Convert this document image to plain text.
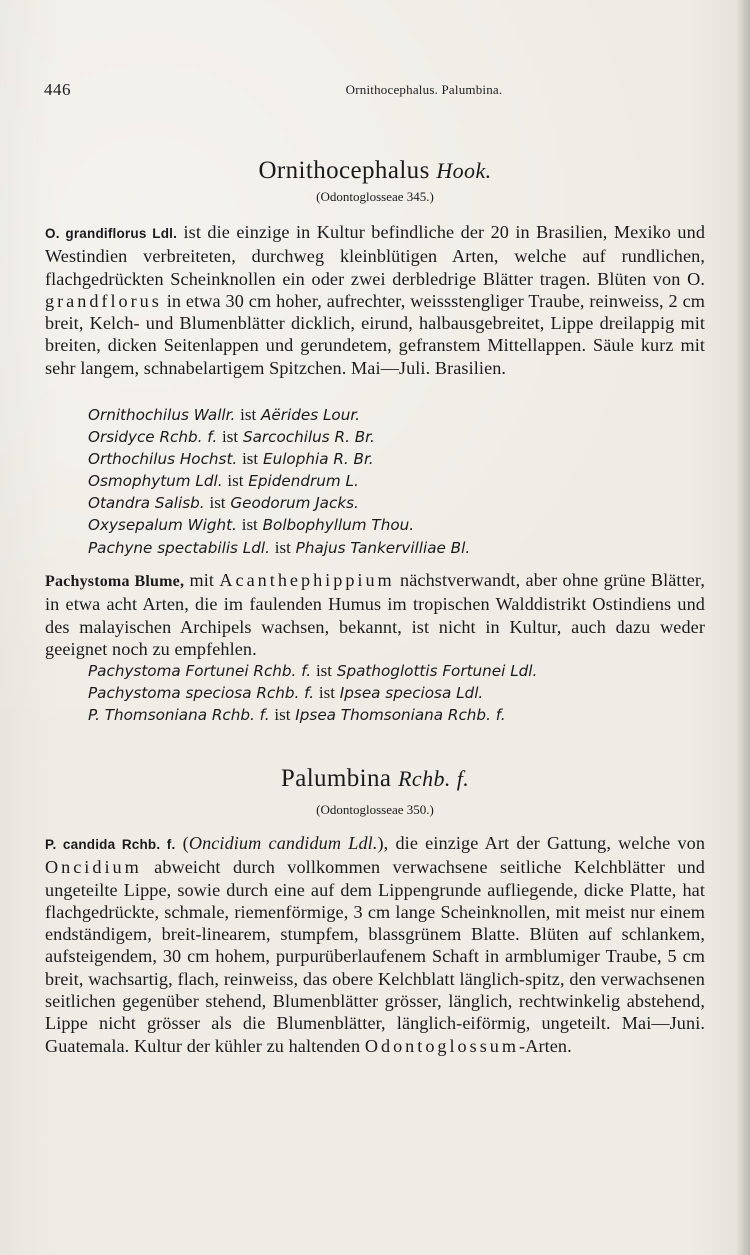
446	Ornithocephalus. Palumbina.
Ornithocephalus Hook.
(Odontoglosseae 345.)
O. grandiflorus Ldl. ist die einzige in Kultur befindliche der 20 in Brasilien, Mexiko und Westindien verbreiteten, durchweg kleinblütigen Arten, welche auf rundlichen, flachgedrückten Scheinknollen ein oder zwei derbledrige Blätter tragen. Blüten von O. grandflorus in etwa 30 cm hoher, aufrechter, weissstengliger Traube, reinweiss, 2 cm breit, Kelch- und Blumenblätter dicklich, eirund, halbausgebreitet, Lippe dreilappig mit breiten, dicken Seitenlappen und gerundetem, gefranstem Mittellappen. Säule kurz mit sehr langem, schnabelartigem Spitzchen. Mai—Juli. Brasilien.
Ornithochilus Wallr. ist Aërides Lour.
Orsidyce Rchb. f. ist Sarcochilus R. Br.
Orthochilus Hochst. ist Eulophia R. Br.
Osmophytum Ldl. ist Epidendrum L.
Otandra Salisb. ist Geodorum Jacks.
Oxysepalum Wight. ist Bolbophyllum Thou.
Pachyne spectabilis Ldl. ist Phajus Tankervilliae Bl.
Pachystoma Blume, mit Acanthephippium nächstverwandt, aber ohne grüne Blätter, in etwa acht Arten, die im faulenden Humus im tropischen Walddistrikt Ostindiens und des malayischen Archipels wachsen, bekannt, ist nicht in Kultur, auch dazu weder geeignet noch zu empfehlen.
Pachystoma Fortunei Rchb. f. ist Spathoglottis Fortunei Ldl.
Pachystoma speciosa Rchb. f. ist Ipsea speciosa Ldl.
P. Thomsoniana Rchb. f. ist Ipsea Thomsoniana Rchb. f.
Palumbina Rchb. f.
(Odontoglosseae 350.)
P. candida Rchb. f. (Oncidium candidum Ldl.), die einzige Art der Gattung, welche von Oncidium abweicht durch vollkommen verwachsene seitliche Kelchblätter und ungeteilte Lippe, sowie durch eine auf dem Lippengrunde aufliegende, dicke Platte, hat flachgedrückte, schmale, riemenförmige, 3 cm lange Scheinknollen, mit meist nur einem endständigem, breit-linearem, stumpfem, blassgrünem Blatte. Blüten auf schlankem, aufsteigendem, 30 cm hohem, purpurüberlaufenem Schaft in armblumiger Traube, 5 cm breit, wachsartig, flach, reinweiss, das obere Kelchblatt länglich-spitz, den verwachsenen seitlichen gegenüber stehend, Blumenblätter grösser, länglich, rechtwinkelig abstehend, Lippe nicht grösser als die Blumenblätter, länglich-eiförmig, ungeteilt. Mai—Juni. Guatemala. Kultur der kühler zu haltenden Odontoglossum-Arten.
